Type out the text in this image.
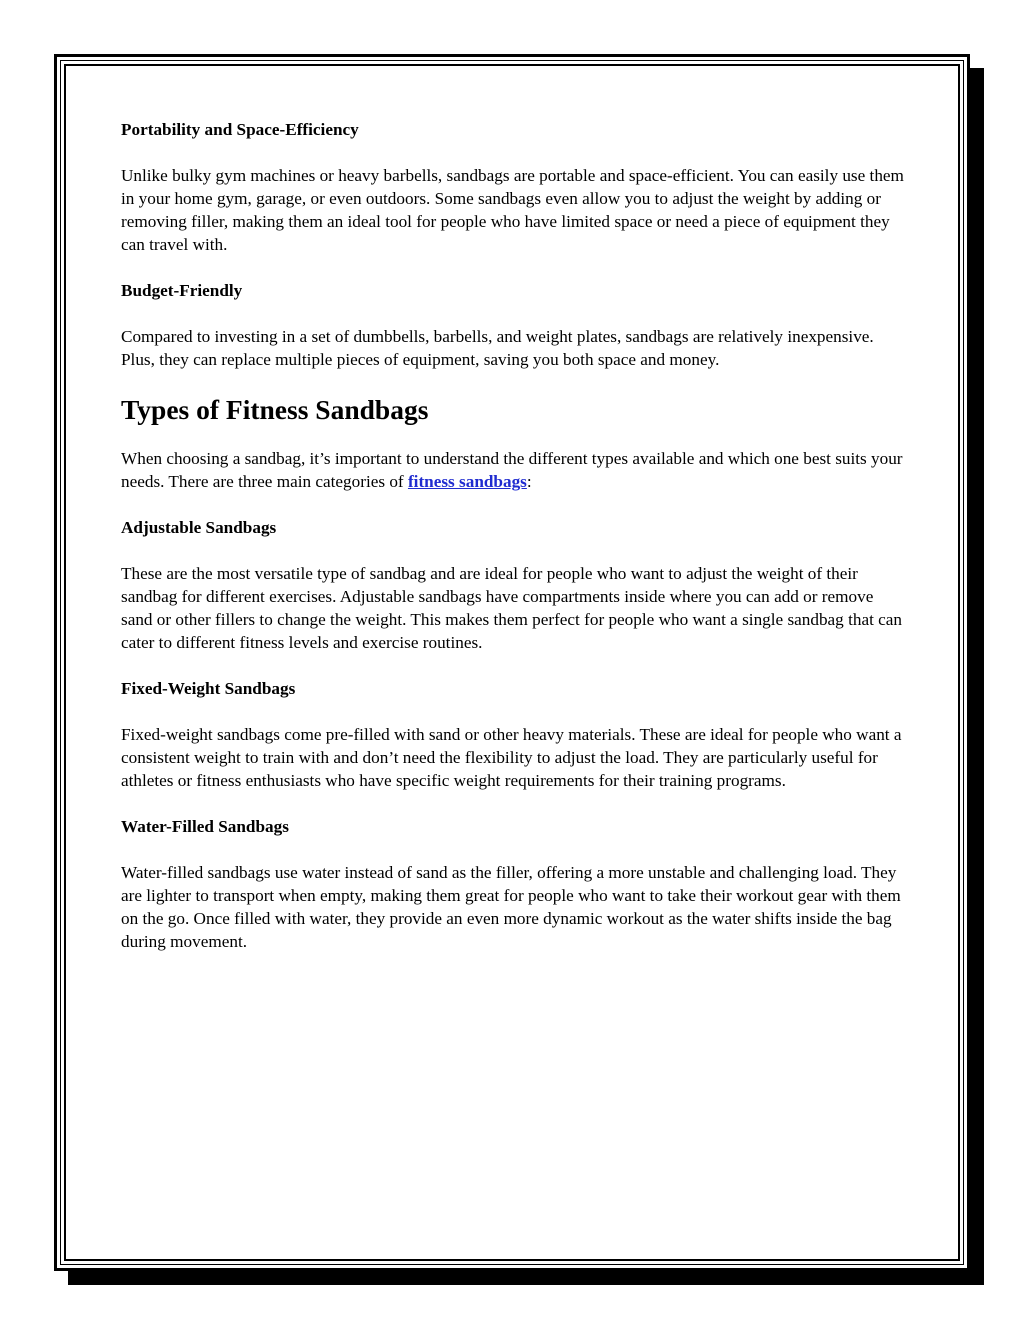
Portability and Space-Efficiency

Unlike bulky gym machines or heavy barbells, sandbags are portable and space-efficient. You can easily use them in your home gym, garage, or even outdoors. Some sandbags even allow you to adjust the weight by adding or removing filler, making them an ideal tool for people who have limited space or need a piece of equipment they can travel with.

Budget-Friendly

Compared to investing in a set of dumbbells, barbells, and weight plates, sandbags are relatively inexpensive. Plus, they can replace multiple pieces of equipment, saving you both space and money.

Types of Fitness Sandbags

When choosing a sandbag, it’s important to understand the different types available and which one best suits your needs. There are three main categories of fitness sandbags:

Adjustable Sandbags

These are the most versatile type of sandbag and are ideal for people who want to adjust the weight of their sandbag for different exercises. Adjustable sandbags have compartments inside where you can add or remove sand or other fillers to change the weight. This makes them perfect for people who want a single sandbag that can cater to different fitness levels and exercise routines.

Fixed-Weight Sandbags

Fixed-weight sandbags come pre-filled with sand or other heavy materials. These are ideal for people who want a consistent weight to train with and don’t need the flexibility to adjust the load. They are particularly useful for athletes or fitness enthusiasts who have specific weight requirements for their training programs.

Water-Filled Sandbags

Water-filled sandbags use water instead of sand as the filler, offering a more unstable and challenging load. They are lighter to transport when empty, making them great for people who want to take their workout gear with them on the go. Once filled with water, they provide an even more dynamic workout as the water shifts inside the bag during movement.
